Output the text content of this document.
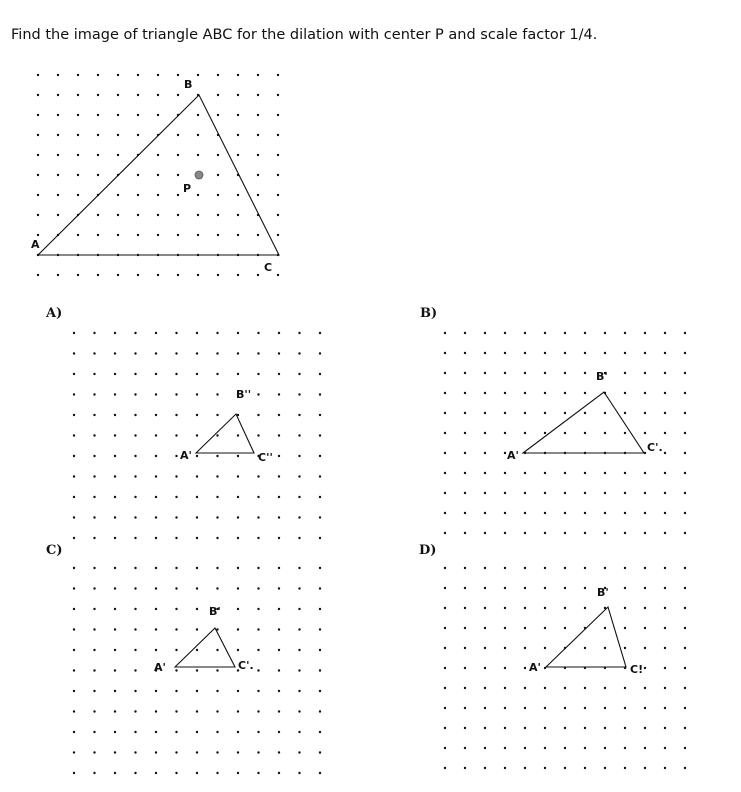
Find the image of triangle ABC for the dilation with center P and scale factor 1/4.

A
B
C
P
A'
B''
C''	A'
B'
C'.
A'
B'
C'.	A'
B'
C!
A)	B)
C)	D)
